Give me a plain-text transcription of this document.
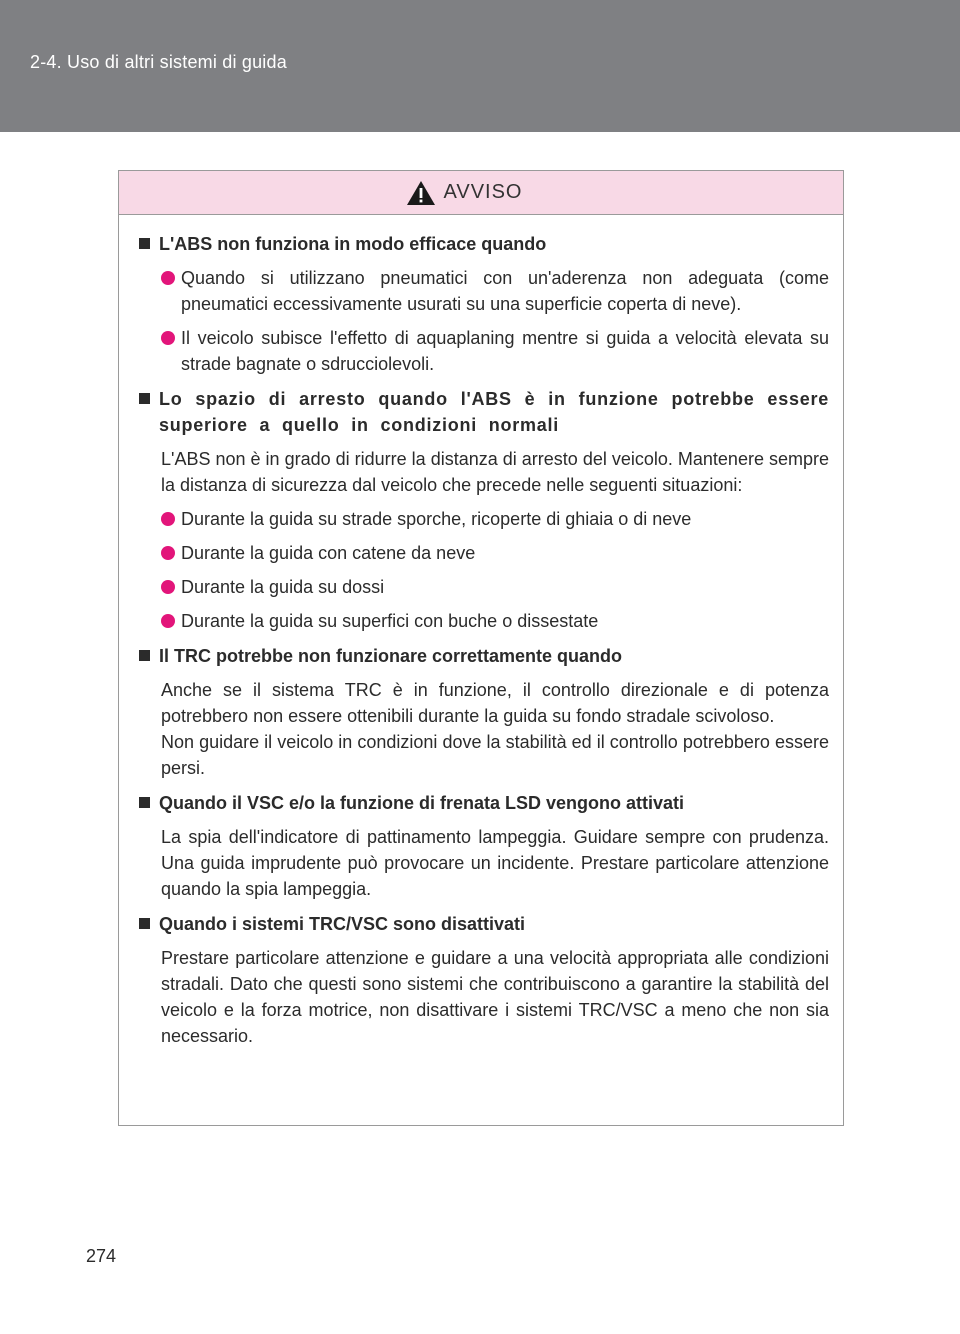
2-4. Uso di altri sistemi di guida
AVVISO
L'ABS non funziona in modo efficace quando
Quando si utilizzano pneumatici con un'aderenza non adeguata (come pneumatici eccessivamente usurati su una superficie coperta di neve).
Il veicolo subisce l'effetto di aquaplaning mentre si guida a velocità elevata su strade bagnate o sdrucciolevoli.
Lo spazio di arresto quando l'ABS è in funzione potrebbe essere superiore a quello in condizioni normali
L'ABS non è in grado di ridurre la distanza di arresto del veicolo. Mantenere sempre la distanza di sicurezza dal veicolo che precede nelle seguenti situazioni:
Durante la guida su strade sporche, ricoperte di ghiaia o di neve
Durante la guida con catene da neve
Durante la guida su dossi
Durante la guida su superfici con buche o dissestate
Il TRC potrebbe non funzionare correttamente quando
Anche se il sistema TRC è in funzione, il controllo direzionale e di potenza potrebbero non essere ottenibili durante la guida su fondo stradale scivoloso.
Non guidare il veicolo in condizioni dove la stabilità ed il controllo potrebbero essere persi.
Quando il VSC e/o la funzione di frenata LSD vengono attivati
La spia dell'indicatore di pattinamento lampeggia. Guidare sempre con prudenza. Una guida imprudente può provocare un incidente. Prestare particolare attenzione quando la spia lampeggia.
Quando i sistemi TRC/VSC sono disattivati
Prestare particolare attenzione e guidare a una velocità appropriata alle condizioni stradali. Dato che questi sono sistemi che contribuiscono a garantire la stabilità del veicolo e la forza motrice, non disattivare i sistemi TRC/VSC a meno che non sia necessario.
274
